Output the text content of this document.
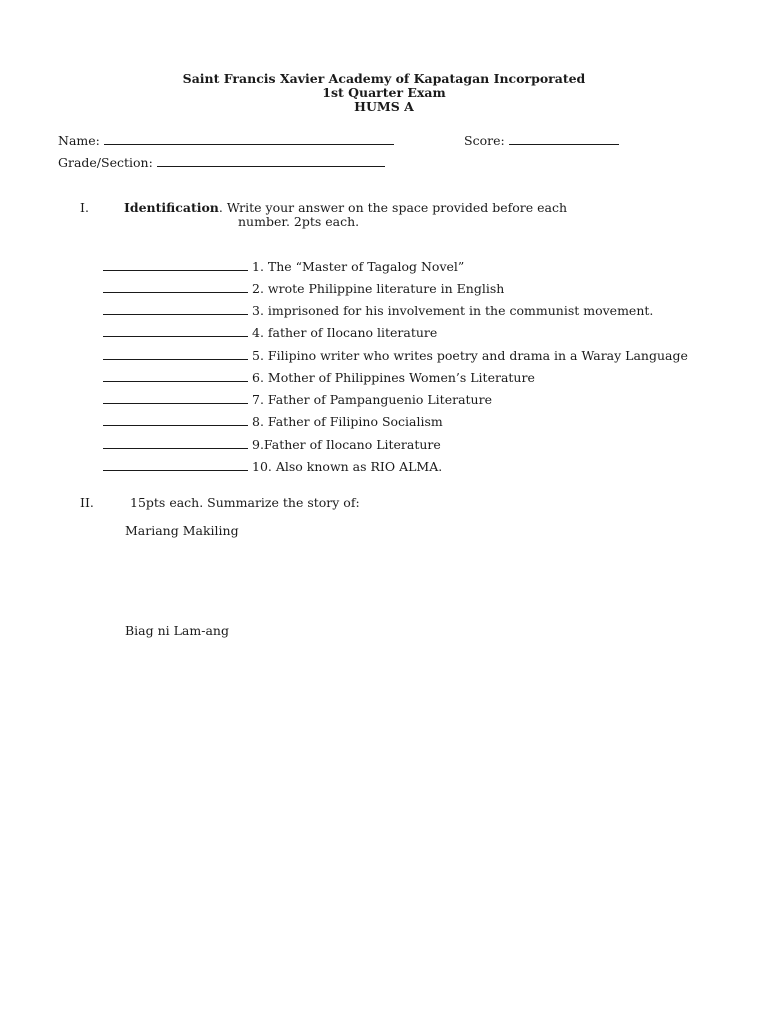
Saint Francis Xavier Academy of Kapatagan Incorporated
1st Quarter Exam
HUMS A
Name:	Score:
Grade/Section:
I.	Identification. Write your answer on the space provided before each
number. 2pts each.
1. The “Master of Tagalog Novel”
2. wrote Philippine literature in English
3. imprisoned for his involvement in the communist movement.
4. father of Ilocano literature
5. Filipino writer who writes poetry and drama in a Waray Language
6. Mother of Philippines Women’s Literature
7. Father of Pampanguenio Literature
8. Father of Filipino Socialism
9.Father of Ilocano Literature
10. Also known as RIO ALMA.
II.	15pts each. Summarize the story of:
Mariang Makiling
Biag ni Lam-ang
